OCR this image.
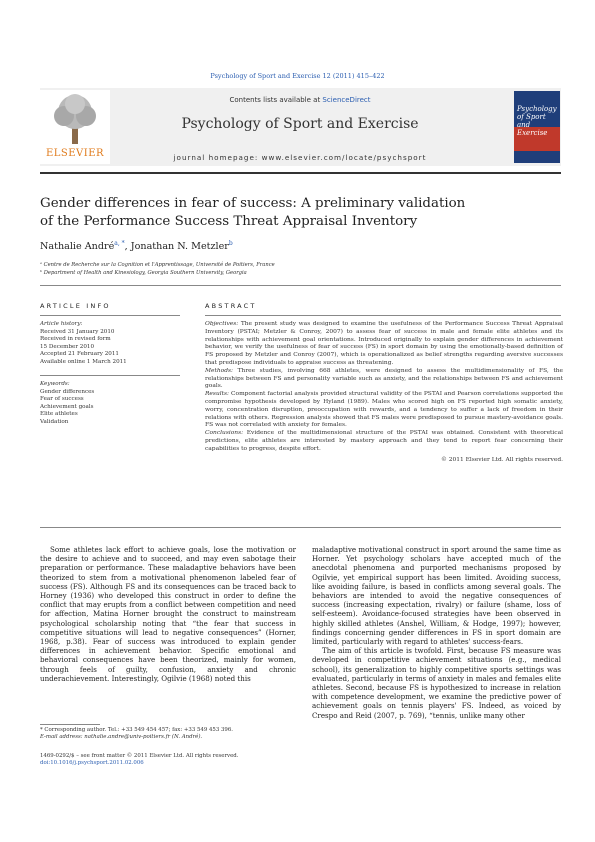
Psychology of Sport and Exercise 12 (2011) 415–422
ELSEVIER
Contents lists available at ScienceDirect
Psychology of Sport and Exercise
journal homepage: www.elsevier.com/locate/psychsport
Psychology of Sport and Exercise
Gender differences in fear of success: A preliminary validation
of the Performance Success Threat Appraisal Inventory
Nathalie André$^{a, *}$, Jonathan N. Metzler$^b$
ᵃ Centre de Recherche sur la Cognition et l'Apprentissage, Université de Poitiers, France
ᵇ Department of Health and Kinesiology, Georgia Southern University, Georgia
ARTICLE INFO	ABSTRACT
Article history:
Received 31 January 2010
Received in revised form
15 December 2010
Accepted 21 February 2011
Available online 1 March 2011
Keywords:
Gender differences
Fear of success
Achievement goals
Elite athletes
Validation

Objectives: The present study was designed to examine the usefulness of the Performance Success Threat Appraisal Inventory (PSTAI; Metzler & Conroy, 2007) to assess fear of success in male and female elite athletes and its relationships with achievement goal orientations. Introduced originally to explain gender differences in achievement behavior, we verify the usefulness of fear of success (FS) in sport domain by using the emotionally-based definition of FS proposed by Metzler and Conroy (2007), which is operationalized as belief strengths regarding aversive successes that predispose individuals to appraise success as threatening.

Methods: Three studies, involving 668 athletes, were designed to assess the multidimensionality of FS, the relationships between FS and personality variable such as anxiety, and the relationships between FS and achievement goals.

Results: Component factorial analysis provided structural validity of the PSTAI and Pearson correlations supported the compromise hypothesis developed by Hyland (1989). Males who scored high on FS reported high somatic anxiety, worry, concentration disruption, preoccupation with rewards, and a tendency to suffer a lack of freedom in their relations with others. Regression analysis showed that FS males were predisposed to pursue mastery-avoidance goals. FS was not correlated with anxiety for females.

Conclusions: Evidence of the multidimensional structure of the PSTAI was obtained. Consistent with theoretical predictions, elite athletes are interested by mastery approach and they tend to report fear concerning their capabilities to progress, despite effort.

© 2011 Elsevier Ltd. All rights reserved.

Some athletes lack effort to achieve goals, lose the motivation or the desire to achieve and to succeed, and may even sabotage their preparation or performance. These maladaptive behaviors have been theorized to stem from a motivational phenomenon labeled fear of success (FS). Although FS and its consequences can be traced back to Horney (1936) who developed this construct in order to define the conflict that may erupts from a conflict between competition and need for affection, Matina Horner brought the construct to mainstream psychological scholarship noting that “the fear that success in competitive situations will lead to negative consequences” (Horner, 1968, p.38). Fear of success was introduced to explain gender differences in achievement behavior. Specific emotional and behavioral consequences have been theorized, mainly for women, through feels of guilty, confusion, anxiety and chronic underachievement. Interestingly, Ogilvie (1968) noted this

maladaptive motivational construct in sport around the same time as Horner. Yet psychology scholars have accepted much of the anecdotal phenomena and purported mechanisms proposed by Ogilvie, yet empirical support has been limited. Avoiding success, like avoiding failure, is based in conflicts among several goals. The behaviors are intended to avoid the negative consequences of success (increasing expectation, rivalry) or failure (shame, loss of self-esteem). Avoidance-focused strategies have been observed in highly skilled athletes (Anshel, William, & Hodge, 1997); however, findings concerning gender differences in FS in sport domain are limited, particularly with regard to athletes' success-fears.

The aim of this article is twofold. First, because FS measure was developed in competitive achievement situations (e.g., medical school), its generalization to highly competitive sports settings was evaluated, particularly in terms of anxiety in males and females elite athletes. Second, because FS is hypothesized to increase in relation with competence development, we examine the predictive power of achievement goals on tennis players' FS. Indeed, as voiced by Crespo and Reid (2007, p. 769), “tennis, unlike many other

* Corresponding author. Tel.: +33 549 454 457; fax: +33 549 453 396.
E-mail address: nathalie.andre@univ-poitiers.fr (N. André).
1469-0292/$ – see front matter © 2011 Elsevier Ltd. All rights reserved.
doi:10.1016/j.psychsport.2011.02.006
